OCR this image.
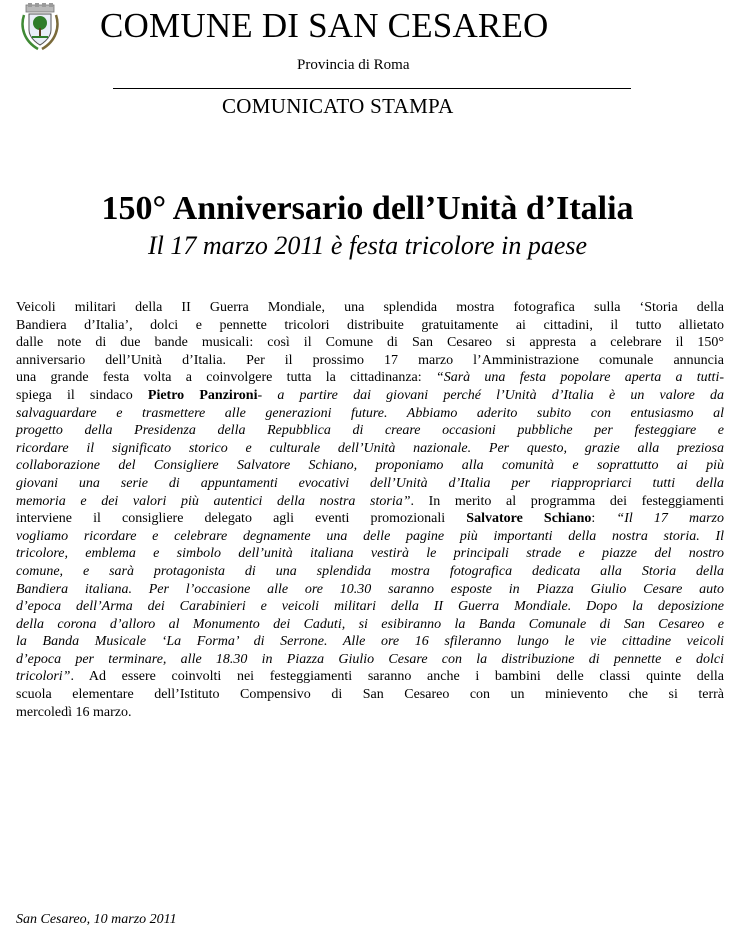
COMUNE DI SAN CESAREO
Provincia di Roma
COMUNICATO STAMPA
150° Anniversario dell’Unità d’Italia
Il 17 marzo 2011 è festa tricolore in paese
Veicoli militari della II Guerra Mondiale, una splendida mostra fotografica sulla ‘Storia della
Bandiera d’Italia’, dolci e pennette tricolori distribuite gratuitamente ai cittadini, il tutto allietato
dalle note di due bande musicali: così il Comune di San Cesareo si appresta a celebrare il 150°
anniversario dell’Unità d’Italia. Per il prossimo 17 marzo l’Amministrazione comunale annuncia
una grande festa volta a coinvolgere tutta la cittadinanza: “Sarà una festa popolare aperta a tutti-
spiega il sindaco Pietro Panzironi- a partire dai giovani perché l’Unità d’Italia è un valore da
salvaguardare e trasmettere alle generazioni future. Abbiamo aderito subito con entusiasmo al
progetto della Presidenza della Repubblica di creare occasioni pubbliche per festeggiare e
ricordare il significato storico e culturale dell’Unità nazionale. Per questo, grazie alla preziosa
collaborazione del Consigliere Salvatore Schiano, proponiamo alla comunità e soprattutto ai più
giovani una serie di appuntamenti evocativi dell’Unità d’Italia per riappropriarci tutti della
memoria e dei valori più autentici della nostra storia”. In merito al programma dei festeggiamenti
interviene il consigliere delegato agli eventi promozionali Salvatore Schiano: “Il 17 marzo
vogliamo ricordare e celebrare degnamente una delle pagine più importanti della nostra storia. Il
tricolore, emblema e simbolo dell’unità italiana vestirà le principali strade e piazze del nostro
comune, e sarà protagonista di una splendida mostra fotografica dedicata alla Storia della
Bandiera italiana. Per l’occasione alle ore 10.30 saranno esposte in Piazza Giulio Cesare auto
d’epoca dell’Arma dei Carabinieri e veicoli militari della II Guerra Mondiale. Dopo la deposizione
della corona d’alloro al Monumento dei Caduti, si esibiranno la Banda Comunale di San Cesareo e
la Banda Musicale ‘La Forma’ di Serrone. Alle ore 16 sfileranno lungo le vie cittadine veicoli
d’epoca per terminare, alle 18.30 in Piazza Giulio Cesare con la distribuzione di pennette e dolci
tricolori”. Ad essere coinvolti nei festeggiamenti saranno anche i bambini delle classi quinte della
scuola elementare dell’Istituto Compensivo di San Cesareo con un minievento che si terrà
mercoledì 16 marzo.
San Cesareo, 10 marzo 2011
